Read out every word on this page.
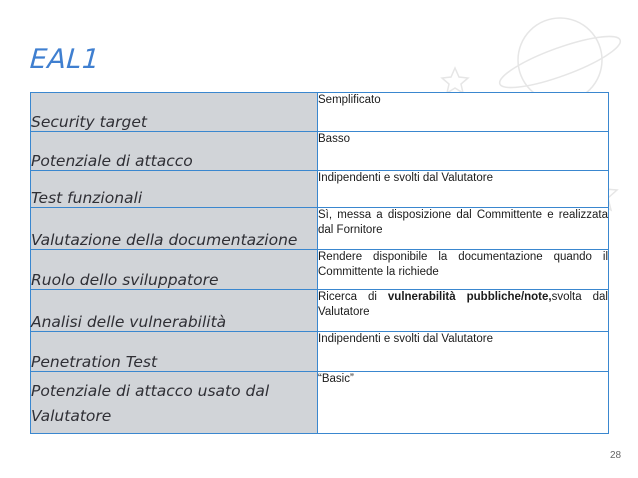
EAL1
Security target	Semplificato
Potenziale di attacco	Basso
Test funzionali	Indipendenti e svolti dal Valutatore
Valutazione della documentazione	Sì, messa a disposizione dal Committente e realizzata dal Fornitore
Ruolo dello sviluppatore	Rendere disponibile la documentazione quando il Committente la richiede
Analisi delle vulnerabilità	Ricerca di vulnerabilità pubbliche/note,svolta dal Valutatore
Penetration Test	Indipendenti e svolti dal Valutatore
Potenziale di attacco usato dal Valutatore	“Basic”
28
